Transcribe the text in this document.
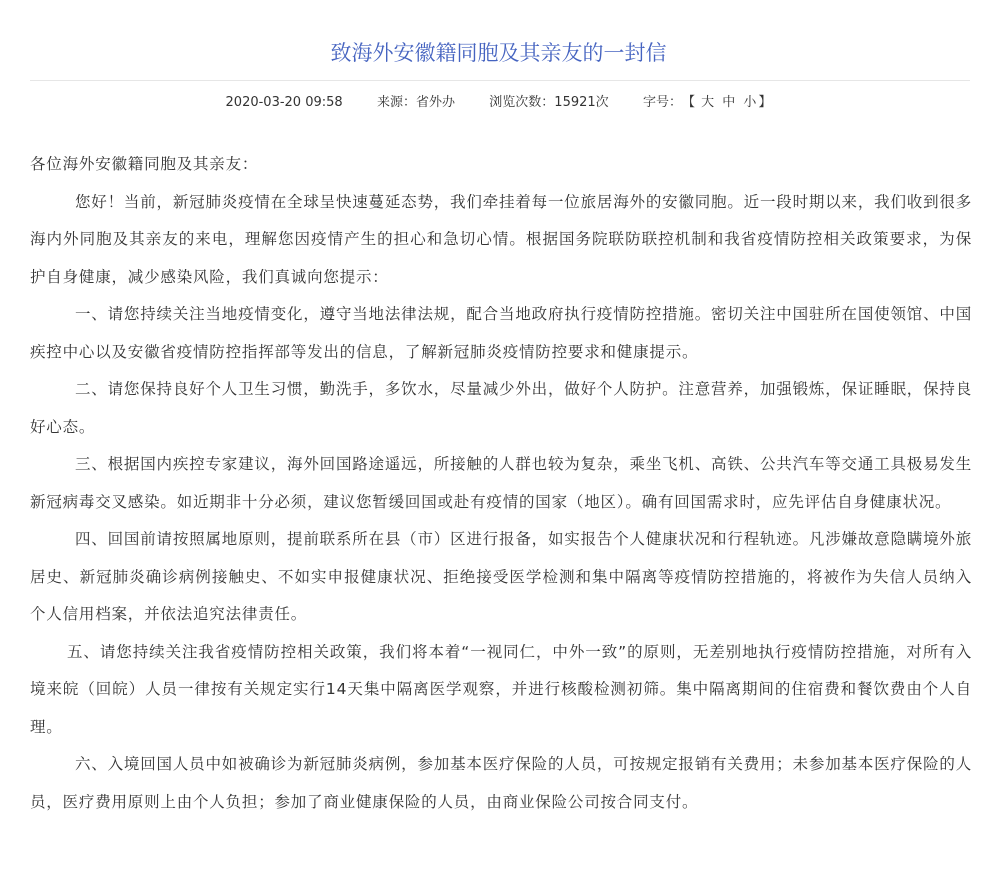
致海外安徽籍同胞及其亲友的一封信
2020-03-20 09:58	来源：省外办	浏览次数：15921次	字号：【 大 中 小 】

各位海外安徽籍同胞及其亲友：

您好！当前，新冠肺炎疫情在全球呈快速蔓延态势，我们牵挂着每一位旅居海外的安徽同胞。近一段时期以来，我们收到很多海内外同胞及其亲友的来电，理解您因疫情产生的担心和急切心情。根据国务院联防联控机制和我省疫情防控相关政策要求，为保护自身健康，减少感染风险，我们真诚向您提示：

一、请您持续关注当地疫情变化，遵守当地法律法规，配合当地政府执行疫情防控措施。密切关注中国驻所在国使领馆、中国疾控中心以及安徽省疫情防控指挥部等发出的信息，了解新冠肺炎疫情防控要求和健康提示。

二、请您保持良好个人卫生习惯，勤洗手，多饮水，尽量减少外出，做好个人防护。注意营养，加强锻炼，保证睡眠，保持良好心态。

三、根据国内疾控专家建议，海外回国路途遥远，所接触的人群也较为复杂，乘坐飞机、高铁、公共汽车等交通工具极易发生新冠病毒交叉感染。如近期非十分必须，建议您暂缓回国或赴有疫情的国家（地区）。确有回国需求时，应先评估自身健康状况。

四、回国前请按照属地原则，提前联系所在县（市）区进行报备，如实报告个人健康状况和行程轨迹。凡涉嫌故意隐瞒境外旅居史、新冠肺炎确诊病例接触史、不如实申报健康状况、拒绝接受医学检测和集中隔离等疫情防控措施的，将被作为失信人员纳入个人信用档案，并依法追究法律责任。

五、请您持续关注我省疫情防控相关政策，我们将本着“一视同仁，中外一致”的原则，无差别地执行疫情防控措施，对所有入境来皖（回皖）人员一律按有关规定实行14天集中隔离医学观察，并进行核酸检测初筛。集中隔离期间的住宿费和餐饮费由个人自理。

六、入境回国人员中如被确诊为新冠肺炎病例，参加基本医疗保险的人员，可按规定报销有关费用；未参加基本医疗保险的人员，医疗费用原则上由个人负担；参加了商业健康保险的人员，由商业保险公司按合同支付。
